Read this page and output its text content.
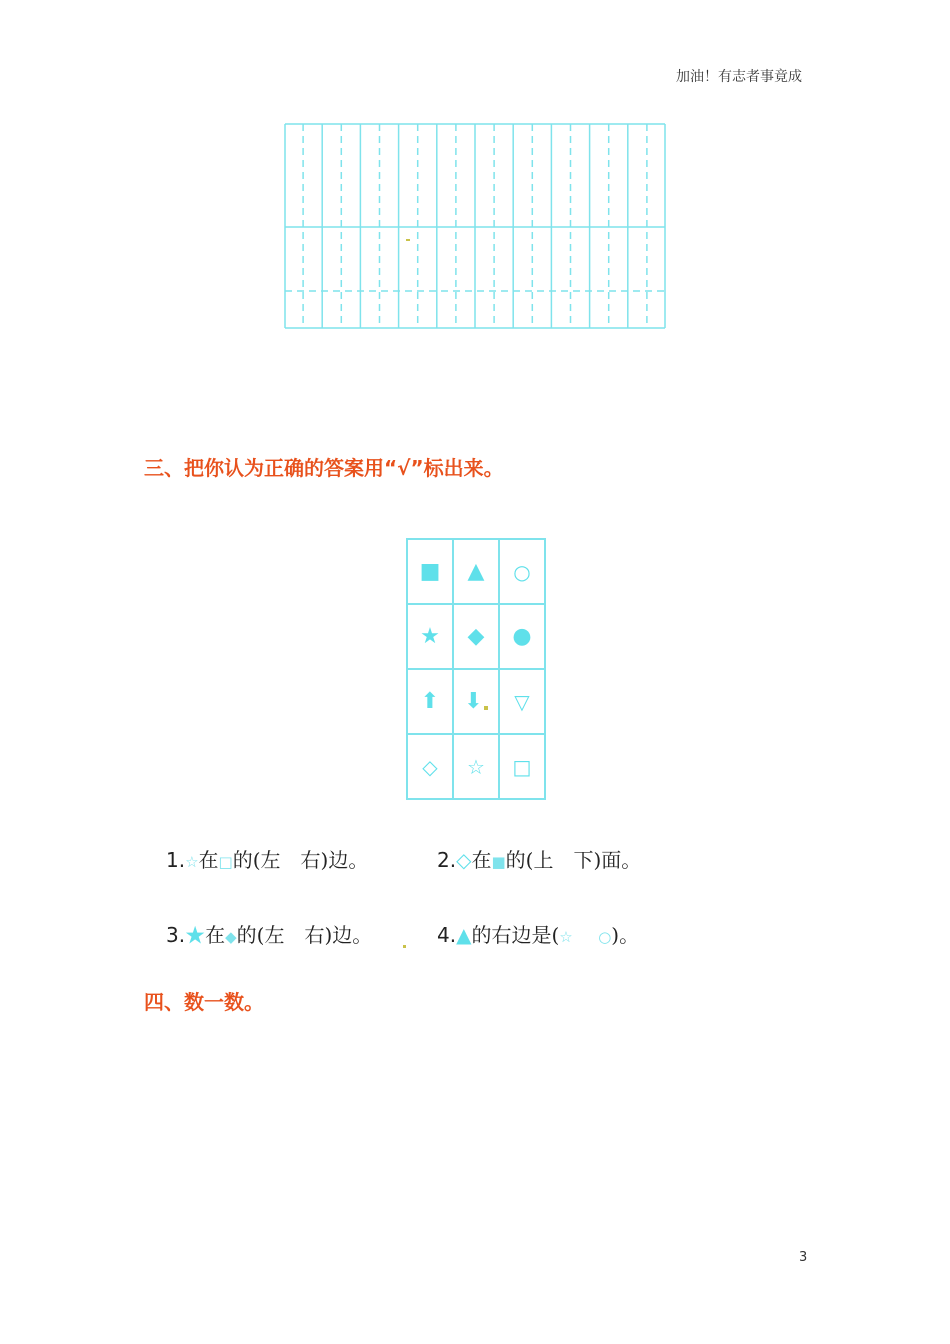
加油！有志者事竟成
三、把你认为正确的答案用“√”标出来。
■	▲	○
★	◆	●
⬆	⬇	▽
◇	☆	□
1.☆在□的(左　右)边。	2.◇在■的(上　下)面。
3.★在◆的(左　右)边。	4.▲的右边是(☆ ○)。
四、数一数。
3
